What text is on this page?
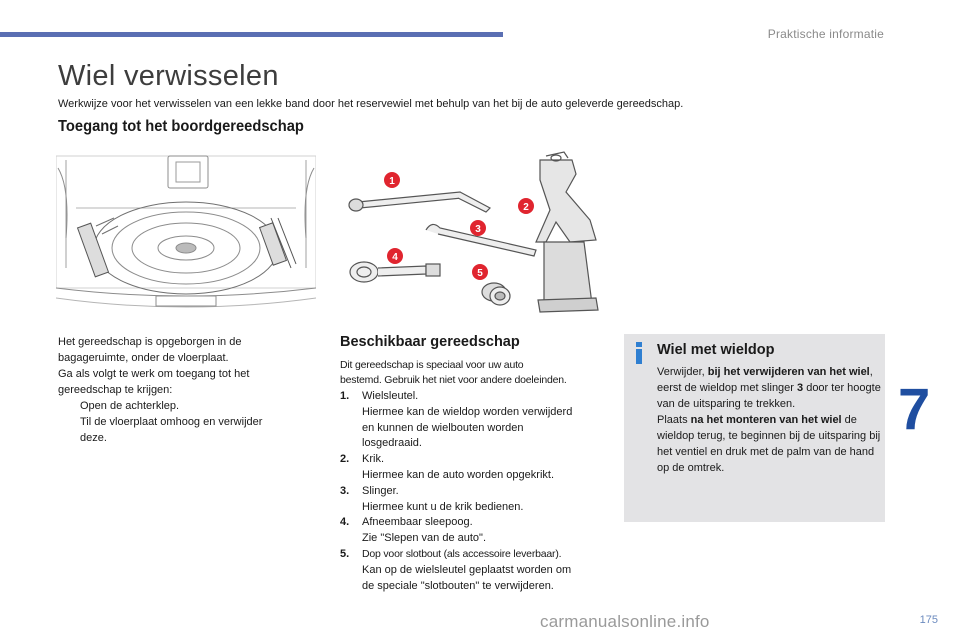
Praktische informatie
Wiel verwisselen
Werkwijze voor het verwisselen van een lekke band door het reservewiel met behulp van het bij de auto geleverde gereedschap.
Toegang tot het boordgereedschap
1
2
3
4
5
Het gereedschap is opgeborgen in de
bagageruimte, onder de vloerplaat.
Ga als volgt te werk om toegang tot het
gereedschap te krijgen:
Open de achterklep.
Til de vloerplaat omhoog en verwijder
deze.
Beschikbaar gereedschap
Dit gereedschap is speciaal voor uw auto
bestemd. Gebruik het niet voor andere doeleinden.
1.	Wielsleutel.
Hiermee kan de wieldop worden verwijderd
en kunnen de wielbouten worden
losgedraaid.
2.	Krik.
Hiermee kan de auto worden opgekrikt.
3.	Slinger.
Hiermee kunt u de krik bedienen.
4.	Afneembaar sleepoog.
Zie "Slepen van de auto".
5.	Dop voor slotbout (als accessoire leverbaar).
Kan op de wielsleutel geplaatst worden om
de speciale "slotbouten" te verwijderen.
Wiel met wieldop

Verwijder, bij het verwijderen van het wiel, eerst de wieldop met slinger 3 door ter hoogte van de uitsparing te trekken.

Plaats na het monteren van het wiel de wieldop terug, te beginnen bij de uitsparing bij het ventiel en druk met de palm van de hand op de omtrek.

7
carmanualsonline.info	175
